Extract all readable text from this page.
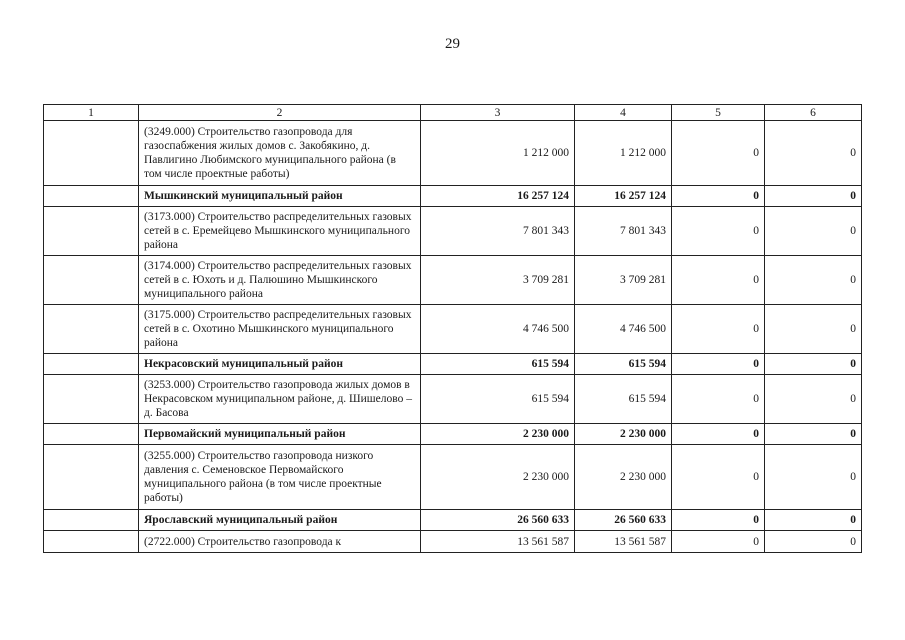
29
1	2	3	4	5	6
	(3249.000) Строительство газопровода для газоспабжения жилых домов с. Закобякино, д. Павлигино Любимского муниципального района (в том числе проектные работы)	1 212 000	1 212 000	0	0
	Мышкинский муниципальный район	16 257 124	16 257 124	0	0
	(3173.000) Строительство распределительных газовых сетей в с. Еремейцево Мышкинского муниципального района	7 801 343	7 801 343	0	0
	(3174.000) Строительство распределительных газовых сетей в с. Юхоть и д. Палюшино Мышкинского муниципального района	3 709 281	3 709 281	0	0
	(3175.000) Строительство распределительных газовых сетей в с. Охотино Мышкинского муниципального района	4 746 500	4 746 500	0	0
	Некрасовский муниципальный район	615 594	615 594	0	0
	(3253.000) Строительство газопровода жилых домов в Некрасовском муниципальном районе, д. Шишелово – д. Басова	615 594	615 594	0	0
	Первомайский муниципальный район	2 230 000	2 230 000	0	0
	(3255.000) Строительство газопровода низкого давления с. Семеновское Первомайского муниципального района (в том числе проектные работы)	2 230 000	2 230 000	0	0
	Ярославский муниципальный район	26 560 633	26 560 633	0	0
	(2722.000) Строительство газопровода к	13 561 587	13 561 587	0	0
